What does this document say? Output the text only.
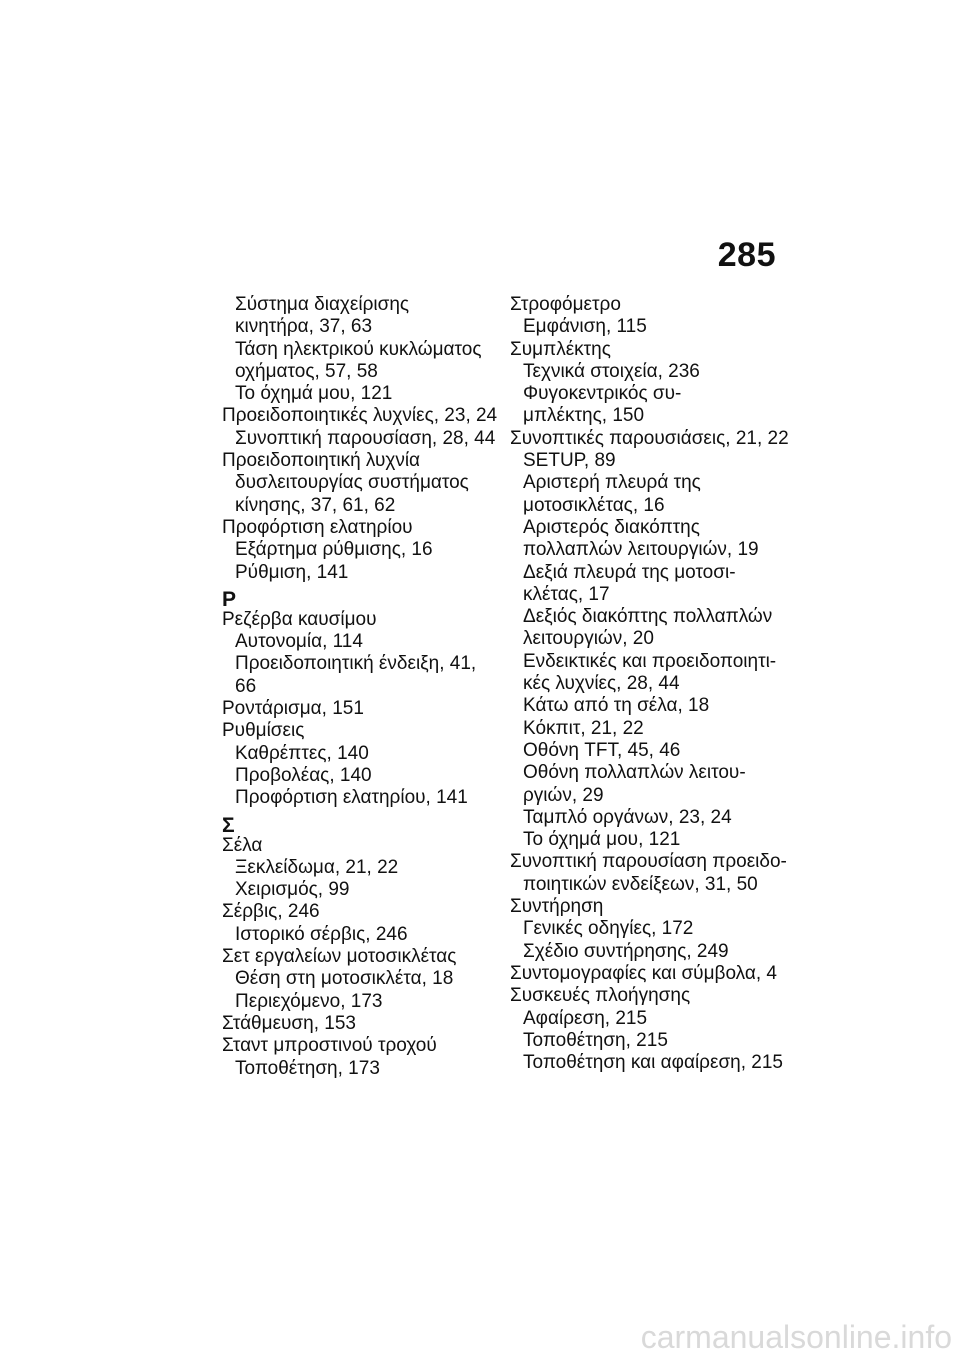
285
Σύστημα διαχείρισης
κινητήρα, 37, 63
Τάση ηλεκτρικού κυκλώματος
οχήματος, 57, 58
Το όχημά μου, 121
Προειδοποιητικές λυχνίες, 23, 24
Συνοπτική παρουσίαση, 28, 44
Προειδοποιητική λυχνία
δυσλειτουργίας συστήματος
κίνησης, 37, 61, 62
Προφόρτιση ελατηρίου
Εξάρτημα ρύθμισης, 16
Ρύθμιση, 141
P
Ρεζέρβα καυσίμου
Αυτονομία, 114
Προειδοποιητική ένδειξη, 41,
66
Ροντάρισμα, 151
Ρυθμίσεις
Καθρέπτες, 140
Προβολέας, 140
Προφόρτιση ελατηρίου, 141
Σ
Σέλα
Ξεκλείδωμα, 21, 22
Χειρισμός, 99
Σέρβις, 246
Ιστορικό σέρβις, 246
Σετ εργαλείων μοτοσικλέτας
Θέση στη μοτοσικλέτα, 18
Περιεχόμενο, 173
Στάθμευση, 153
Σταντ μπροστινού τροχού
Τοποθέτηση, 173
Στροφόμετρο
Εμφάνιση, 115
Συμπλέκτης
Τεχνικά στοιχεία, 236
Φυγοκεντρικός συ-
μπλέκτης, 150
Συνοπτικές παρουσιάσεις, 21, 22
SETUP, 89
Αριστερή πλευρά της
μοτοσικλέτας, 16
Αριστερός διακόπτης
πολλαπλών λειτουργιών, 19
Δεξιά πλευρά της μοτοσι-
κλέτας, 17
Δεξιός διακόπτης πολλαπλών
λειτουργιών, 20
Ενδεικτικές και προειδοποιητι-
κές λυχνίες, 28, 44
Κάτω από τη σέλα, 18
Κόκπιτ, 21, 22
Οθόνη TFT, 45, 46
Οθόνη πολλαπλών λειτου-
ργιών, 29
Ταμπλό οργάνων, 23, 24
Το όχημά μου, 121
Συνοπτική παρουσίαση προειδο-
ποιητικών ενδείξεων, 31, 50
Συντήρηση
Γενικές οδηγίες, 172
Σχέδιο συντήρησης, 249
Συντομογραφίες και σύμβολα, 4
Συσκευές πλοήγησης
Αφαίρεση, 215
Τοποθέτηση, 215
Τοποθέτηση και αφαίρεση, 215
carmanualsonline.info
